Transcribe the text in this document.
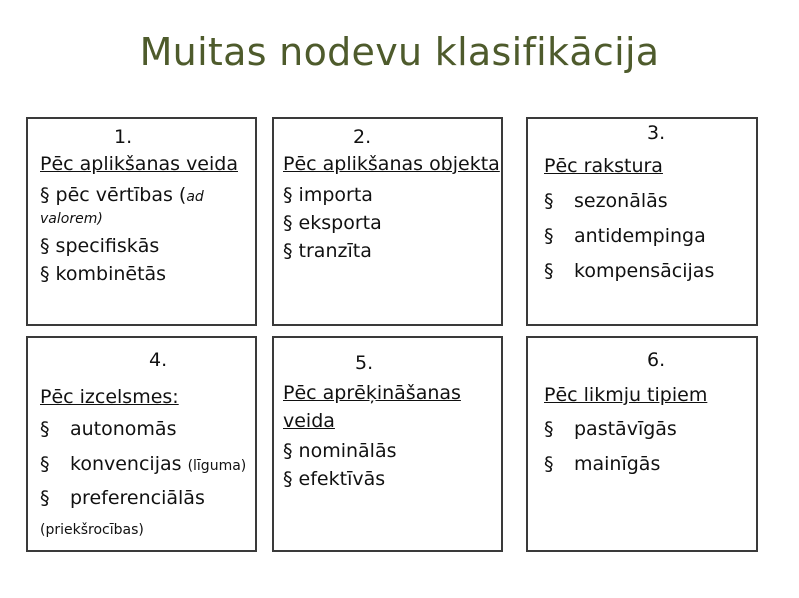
Muitas nodevu klasifikācija
1.
Pēc aplikšanas veida
§ pēc vērtības (ad
valorem)
§ specifiskās
§ kombinētās
2.
Pēc aplikšanas objekta
§ importa
§ eksporta
§ tranzīta
3.
Pēc rakstura
§ sezonālās
§ antidempinga
§ kompensācijas
4.
Pēc izcelsmes:
§ autonomās
§ konvencijas (līguma)
§ preferenciālās
(priekšrocības)
5.
Pēc aprēķināšanas
veida
§ nominālās
§ efektīvās
6.
Pēc likmju tipiem
§ pastāvīgās
§ mainīgās
